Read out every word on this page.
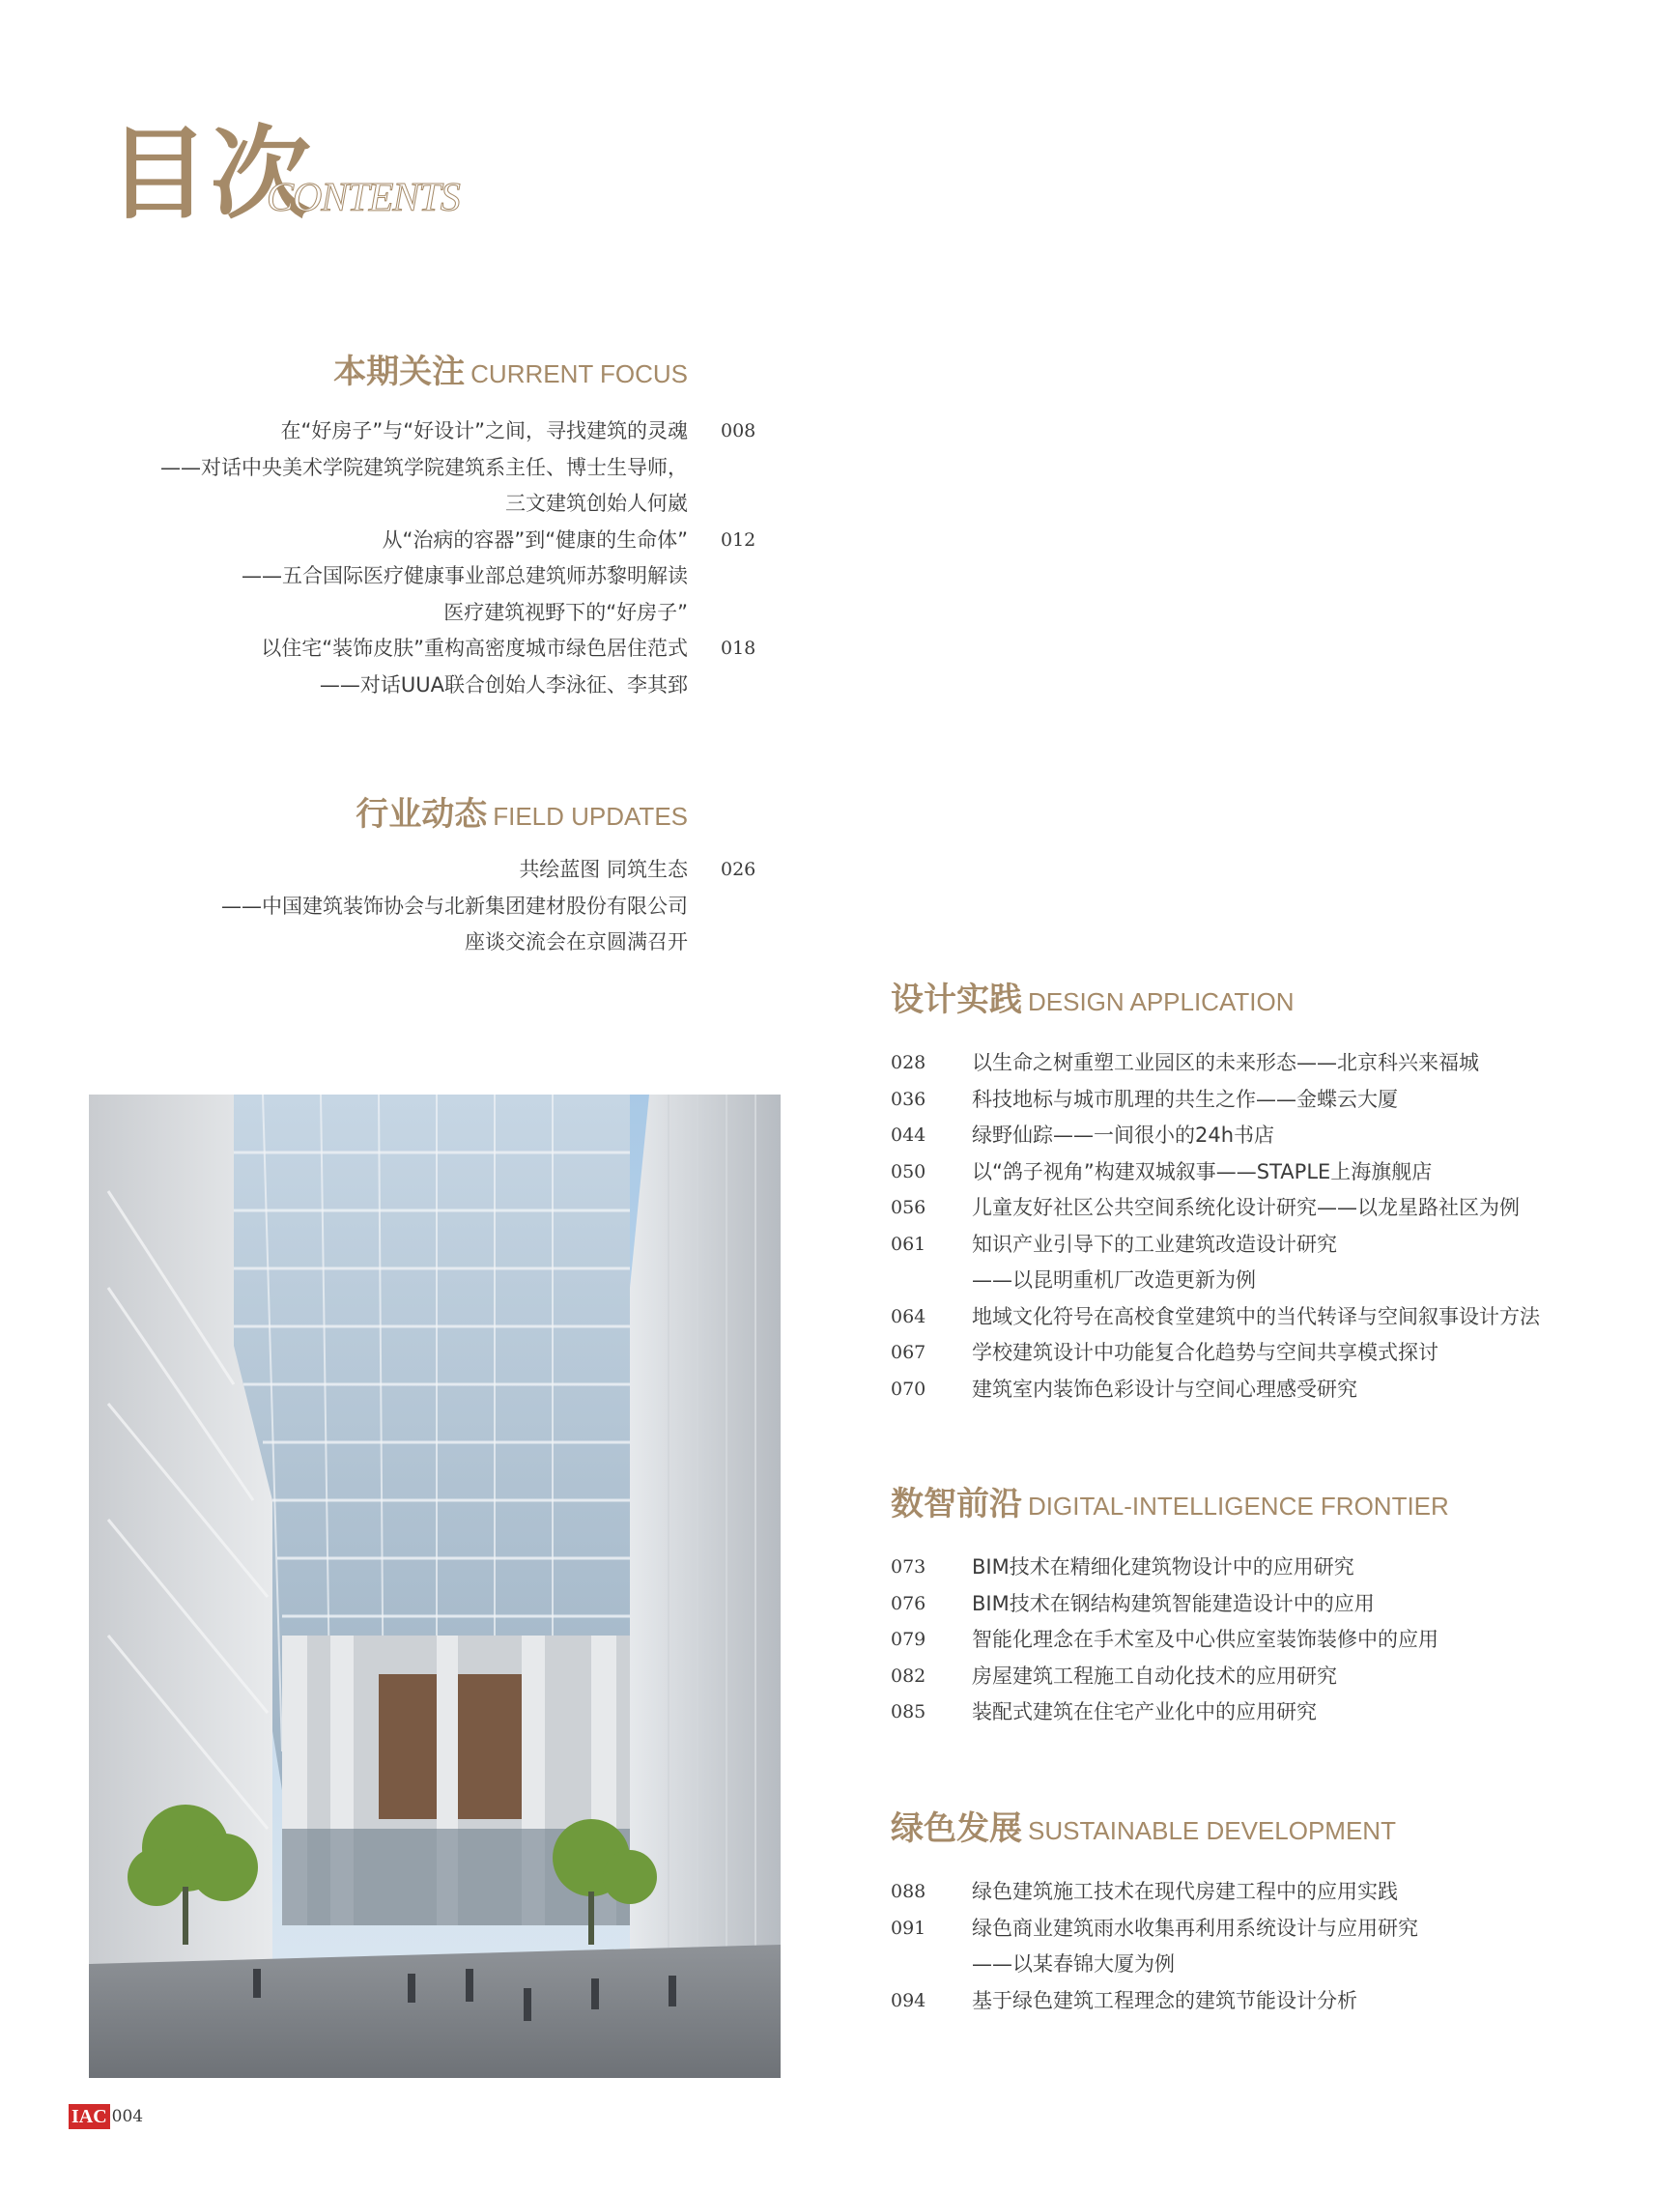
目次
CONTENTS
本期关注 CURRENT FOCUS
008
在“好房子”与“好设计”之间，寻找建筑的灵魂
——对话中央美术学院建筑学院建筑系主任、博士生导师，
三文建筑创始人何崴
012
从“治病的容器”到“健康的生命体”
——五合国际医疗健康事业部总建筑师苏黎明解读
医疗建筑视野下的“好房子”
018
以住宅“装饰皮肤”重构高密度城市绿色居住范式
——对话UUA联合创始人李泳征、李其郅
行业动态 FIELD UPDATES
026
共绘蓝图 同筑生态
——中国建筑装饰协会与北新集团建材股份有限公司
座谈交流会在京圆满召开
设计实践 DESIGN APPLICATION
028 以生命之树重塑工业园区的未来形态——北京科兴来福城
036 科技地标与城市肌理的共生之作——金蝶云大厦
044 绿野仙踪——一间很小的24h书店
050 以“鸽子视角”构建双城叙事——STAPLE上海旗舰店
056 儿童友好社区公共空间系统化设计研究——以龙星路社区为例
061 知识产业引导下的工业建筑改造设计研究
——以昆明重机厂改造更新为例
064 地域文化符号在高校食堂建筑中的当代转译与空间叙事设计方法
067 学校建筑设计中功能复合化趋势与空间共享模式探讨
070 建筑室内装饰色彩设计与空间心理感受研究
数智前沿 DIGITAL-INTELLIGENCE FRONTIER
073 BIM技术在精细化建筑物设计中的应用研究
076 BIM技术在钢结构建筑智能建造设计中的应用
079 智能化理念在手术室及中心供应室装饰装修中的应用
082 房屋建筑工程施工自动化技术的应用研究
085 装配式建筑在住宅产业化中的应用研究
绿色发展 SUSTAINABLE DEVELOPMENT
088 绿色建筑施工技术在现代房建工程中的应用实践
091 绿色商业建筑雨水收集再利用系统设计与应用研究
——以某春锦大厦为例
094 基于绿色建筑工程理念的建筑节能设计分析
IAC 004
